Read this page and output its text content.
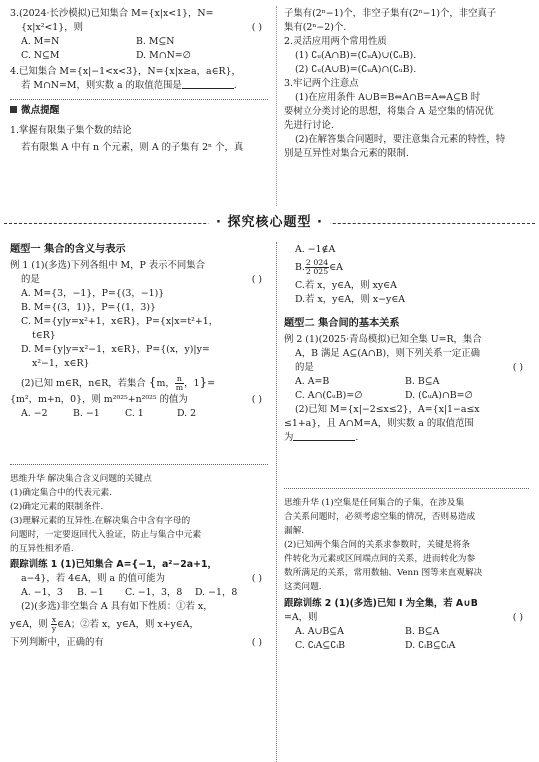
3.(2024·长沙模拟)已知集合 M={x|x<1}，N=
{x|x²<1}，则	( )
A. M=N	B. M⊆N
C. N⊆M	D. M∩N=∅
4.已知集合 M={x|−1<x<3}，N={x|x≥a，a∈R}，
若 M∩N=M，则实数 a 的取值范围是	.
微点提醒
1.掌握有限集子集个数的结论
若有限集 A 中有 n 个元素，则 A 的子集有 2ⁿ 个，真
子集有(2ⁿ−1)个，非空子集有(2ⁿ−1)个，非空真子
集有(2ⁿ−2)个.
2.灵活应用两个常用性质
(1) ∁ᵤ(A∩B)=(∁ᵤA)∪(∁ᵤB).
(2) ∁ᵤ(A∪B)=(∁ᵤA)∩(∁ᵤB).
3.牢记两个注意点
(1)在应用条件 A∪B=B⇔A∩B=A⇔A⊆B 时
要树立分类讨论的思想，将集合 A 是空集的情况优
先进行讨论.
(2)在解答集合问题时，要注意集合元素的特性，特
别是互异性对集合元素的限制.
· 探究核心题型 ·
题型一 集合的含义与表示
例 1 (1)(多选)下列各组中 M，P 表示不同集合
的是	( )
A. M={3，−1}，P={(3，−1)}
B. M={(3，1)}，P={(1，3)}
C. M={y|y=x²+1，x∈R}，P={x|x=t²+1，
t∈R}
D. M={y|y=x²−1，x∈R}，P={(x，y)|y=
x²−1，x∈R}
(2)已知 m∈R，n∈R，若集合 {m， $\frac{n}{m}$ ，1}=
{m²，m+n，0}，则 m²⁰²⁵+n²⁰²⁵ 的值为	( )
A. −2	B. −1	C. 1	D. 2
思维升华 解决集合含义问题的关键点
(1)确定集合中的代表元素.
(2)确定元素的限制条件.
(3)理解元素的互异性.在解决集合中含有字母的
问题时，一定要返回代入验证，防止与集合中元素
的互异性相矛盾.
跟踪训练 1 (1)已知集合 A={−1，a²−2a+1，
a−4}，若 4∈A，则 a 的值可能为	( )
A. −1，3	B. −1	C. −1，3，8	D. −1，8
(2)(多选)非空集合 A 具有如下性质：①若 x，
y∈A，则 $\frac{x}{y}$ ∈A；②若 x，y∈A，则 x+y∈A，
下列判断中，正确的有	( )
A. −1∉A
B. $\frac{2 024}{2 025}$ ∈A
C.若 x，y∈A，则 xy∈A
D.若 x，y∈A，则 x−y∈A
题型二 集合间的基本关系
例 2 (1)(2025·青岛模拟)已知全集 U=R，集合
A，B 满足 A⊆(A∩B)，则下列关系一定正确
的是	( )
A. A=B	B. B⊆A
C. A∩(∁ᵤB)=∅	D. (∁ᵤA)∩B=∅
(2)已知 M={x|−2≤x≤2}，A={x|1−a≤x
≤1+a}，且 A∩M=A，则实数 a 的取值范围
为	.
思维升华 (1)空集是任何集合的子集，在涉及集
合关系问题时，必须考虑空集的情况，否则易造成
漏解.
(2)已知两个集合间的关系求参数时，关键是将条
件转化为元素或区间端点间的关系，进而转化为参
数所满足的关系，常用数轴、Venn 图等来直观解决
这类问题.
跟踪训练 2 (1)(多选)已知 I 为全集，若 A∪B
=A，则	( )
A. A∪B⊆A	B. B⊆A
C. ∁ᵢA⊆∁ᵢB	D. ∁ᵢB⊆∁ᵢA
